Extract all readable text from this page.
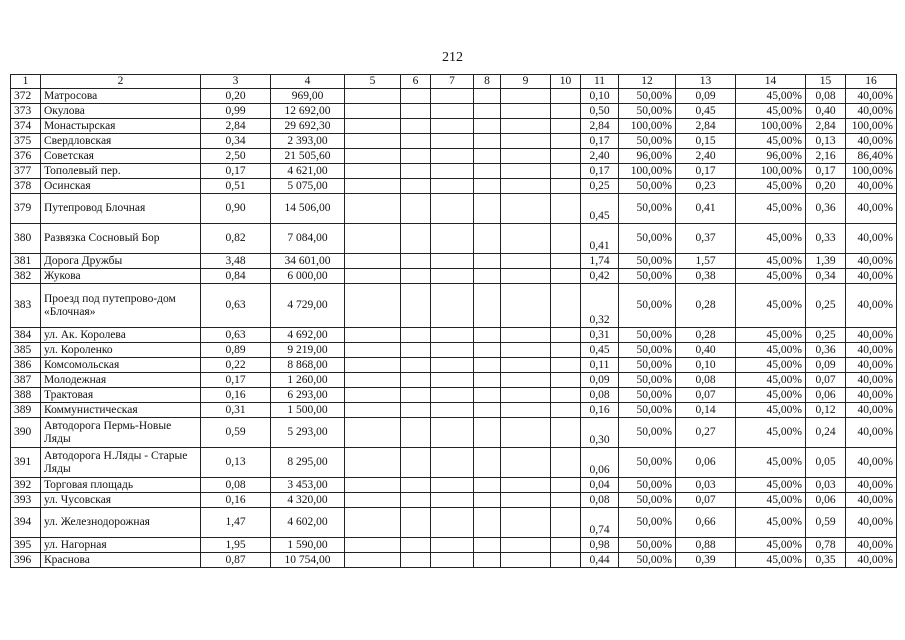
212
1	2	3	4	5	6	7	8	9	10	11	12	13	14	15	16
372	Матросова	0,20	969,00							0,10	50,00%	0,09	45,00%	0,08	40,00%
373	Окулова	0,99	12 692,00							0,50	50,00%	0,45	45,00%	0,40	40,00%
374	Монастырская	2,84	29 692,30							2,84	100,00%	2,84	100,00%	2,84	100,00%
375	Свердловская	0,34	2 393,00							0,17	50,00%	0,15	45,00%	0,13	40,00%
376	Советская	2,50	21 505,60							2,40	96,00%	2,40	96,00%	2,16	86,40%
377	Тополевый пер.	0,17	4 621,00							0,17	100,00%	0,17	100,00%	0,17	100,00%
378	Осинская	0,51	5 075,00							0,25	50,00%	0,23	45,00%	0,20	40,00%
379	Путепровод Блочная	0,90	14 506,00							0,45	50,00%	0,41	45,00%	0,36	40,00%
380	Развязка Сосновый Бор	0,82	7 084,00							0,41	50,00%	0,37	45,00%	0,33	40,00%
381	Дорога Дружбы	3,48	34 601,00							1,74	50,00%	1,57	45,00%	1,39	40,00%
382	Жукова	0,84	6 000,00							0,42	50,00%	0,38	45,00%	0,34	40,00%
383	Проезд под путепрово-дом «Блочная»	0,63	4 729,00							0,32	50,00%	0,28	45,00%	0,25	40,00%
384	ул. Ак. Королева	0,63	4 692,00							0,31	50,00%	0,28	45,00%	0,25	40,00%
385	ул. Короленко	0,89	9 219,00							0,45	50,00%	0,40	45,00%	0,36	40,00%
386	Комсомольская	0,22	8 868,00							0,11	50,00%	0,10	45,00%	0,09	40,00%
387	Молодежная	0,17	1 260,00							0,09	50,00%	0,08	45,00%	0,07	40,00%
388	Трактовая	0,16	6 293,00							0,08	50,00%	0,07	45,00%	0,06	40,00%
389	Коммунистическая	0,31	1 500,00							0,16	50,00%	0,14	45,00%	0,12	40,00%
390	Автодорога Пермь-Новые Ляды	0,59	5 293,00							0,30	50,00%	0,27	45,00%	0,24	40,00%
391	Автодорога Н.Ляды - Старые Ляды	0,13	8 295,00							0,06	50,00%	0,06	45,00%	0,05	40,00%
392	Торговая площадь	0,08	3 453,00							0,04	50,00%	0,03	45,00%	0,03	40,00%
393	ул. Чусовская	0,16	4 320,00							0,08	50,00%	0,07	45,00%	0,06	40,00%
394	ул. Железнодорожная	1,47	4 602,00							0,74	50,00%	0,66	45,00%	0,59	40,00%
395	ул. Нагорная	1,95	1 590,00							0,98	50,00%	0,88	45,00%	0,78	40,00%
396	Краснова	0,87	10 754,00							0,44	50,00%	0,39	45,00%	0,35	40,00%
